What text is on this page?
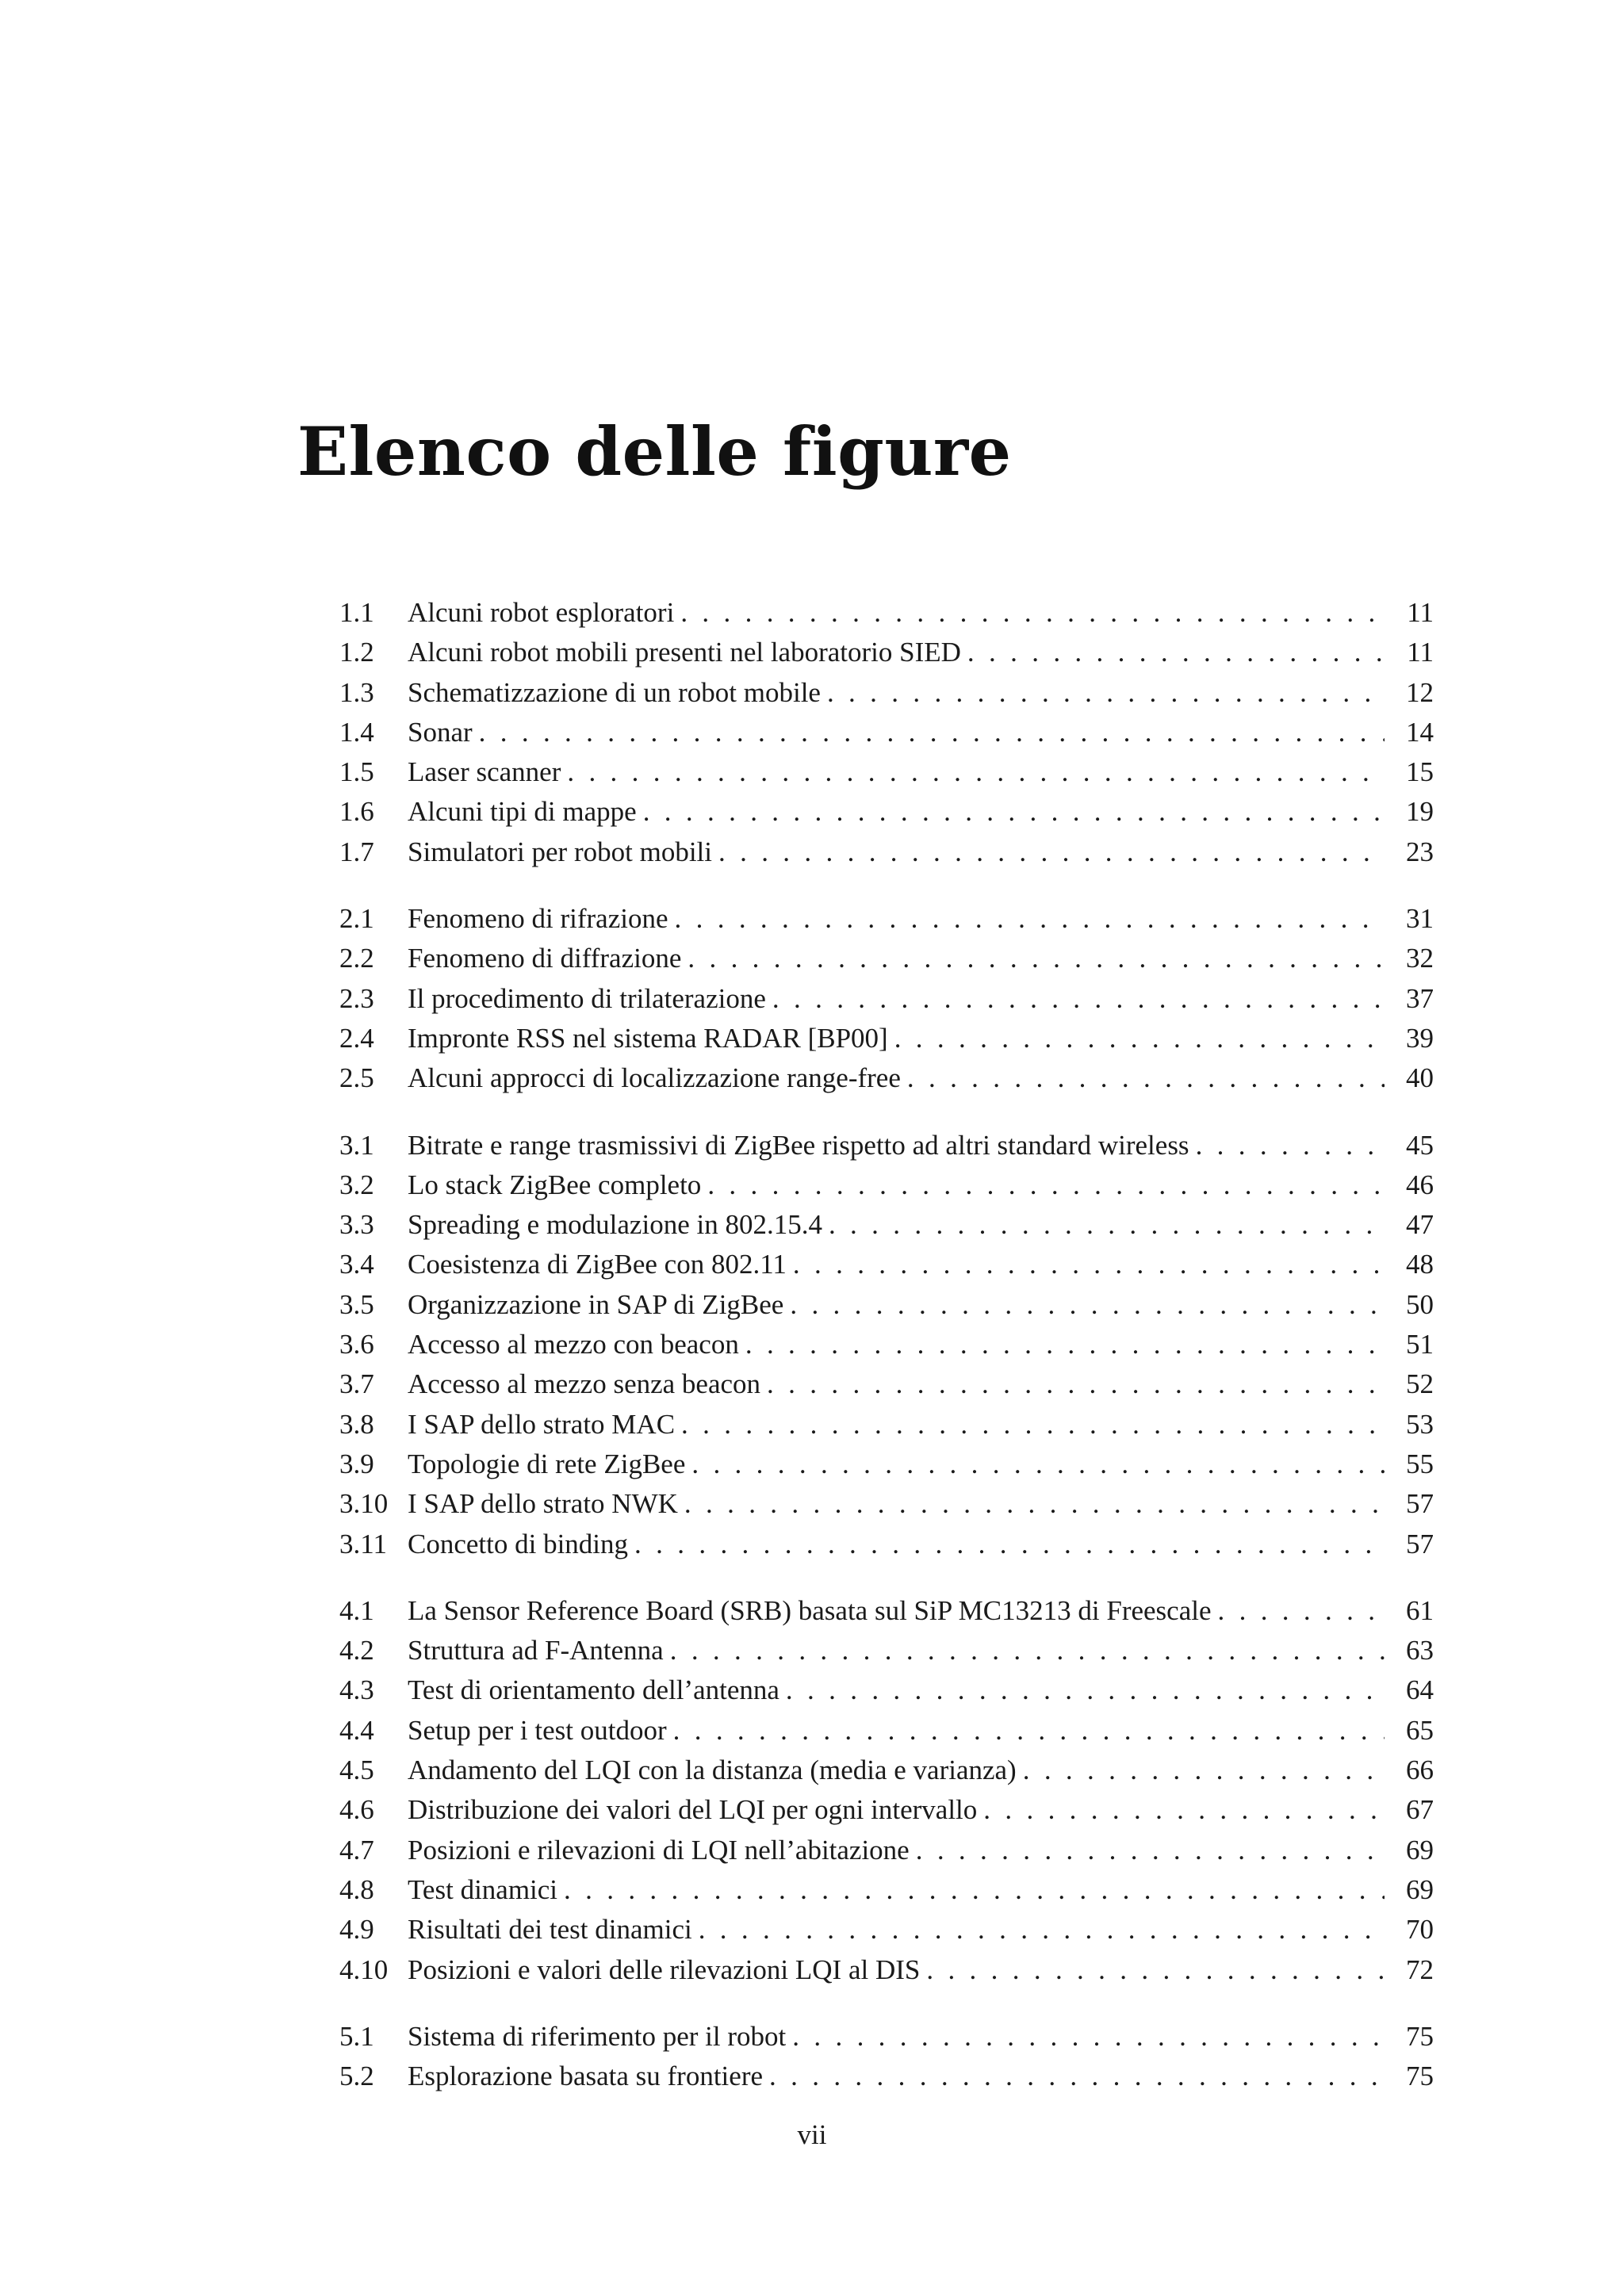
Elenco delle figure
1.1	Alcuni robot esploratori . . .	11
1.2	Alcuni robot mobili presenti nel laboratorio SIED . . .	11
1.3	Schematizzazione di un robot mobile . . .	12
1.4	Sonar . . .	14
1.5	Laser scanner . . .	15
1.6	Alcuni tipi di mappe . . .	19
1.7	Simulatori per robot mobili . . .	23
2.1	Fenomeno di rifrazione . . .	31
2.2	Fenomeno di diffrazione . . .	32
2.3	Il procedimento di trilaterazione . . .	37
2.4	Impronte RSS nel sistema RADAR [BP00] . . .	39
2.5	Alcuni approcci di localizzazione range-free . . .	40
3.1	Bitrate e range trasmissivi di ZigBee rispetto ad altri standard wireless . . .	45
3.2	Lo stack ZigBee completo . . .	46
3.3	Spreading e modulazione in 802.15.4 . . .	47
3.4	Coesistenza di ZigBee con 802.11 . . .	48
3.5	Organizzazione in SAP di ZigBee . . .	50
3.6	Accesso al mezzo con beacon . . .	51
3.7	Accesso al mezzo senza beacon . . .	52
3.8	I SAP dello strato MAC . . .	53
3.9	Topologie di rete ZigBee . . .	55
3.10 I SAP dello strato NWK . . .	57
3.11 Concetto di binding . . .	57
4.1	La Sensor Reference Board (SRB) basata sul SiP MC13213 di Freescale . . .	61
4.2	Struttura ad F-Antenna . . .	63
4.3	Test di orientamento dell’antenna . . .	64
4.4	Setup per i test outdoor . . .	65
4.5	Andamento del LQI con la distanza (media e varianza) . . .	66
4.6	Distribuzione dei valori del LQI per ogni intervallo . . .	67
4.7	Posizioni e rilevazioni di LQI nell’abitazione . . .	69
4.8	Test dinamici . . .	69
4.9	Risultati dei test dinamici . . .	70
4.10 Posizioni e valori delle rilevazioni LQI al DIS . . .	72
5.1	Sistema di riferimento per il robot . . .	75
5.2	Esplorazione basata su frontiere . . .	75
vii
